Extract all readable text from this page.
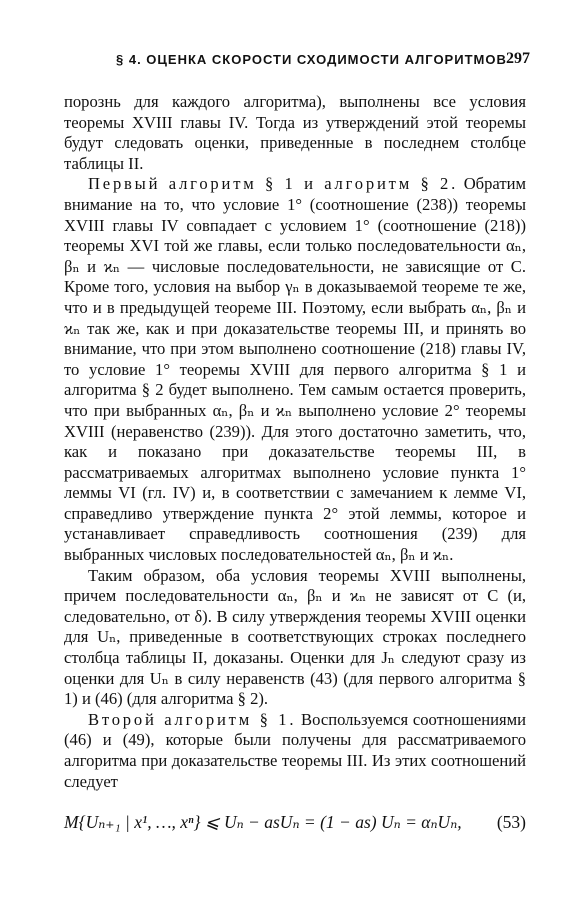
§ 4. ОЦЕНКА СКОРОСТИ СХОДИМОСТИ АЛГОРИТМОВ 297

порознь для каждого алгоритма), выполнены все условия теоремы XVIII главы IV. Тогда из утверждений этой теоремы будут следовать оценки, приведенные в последнем столбце таблицы II.

Первый алгоритм § 1 и алгоритм § 2. Обратим внимание на то, что условие 1° (соотношение (238)) теоремы XVIII главы IV совпадает с условием 1° (соотношение (218)) теоремы XVI той же главы, если только последовательности αₙ, βₙ и ϰₙ — числовые последовательности, не зависящие от C. Кроме того, условия на выбор γₙ в доказываемой теореме те же, что и в предыдущей теореме III. Поэтому, если выбрать αₙ, βₙ и ϰₙ так же, как и при доказательстве теоремы III, и принять во внимание, что при этом выполнено соотношение (218) главы IV, то условие 1° теоремы XVIII для первого алгоритма § 1 и алгоритма § 2 будет выполнено. Тем самым остается проверить, что при выбранных αₙ, βₙ и ϰₙ выполнено условие 2° теоремы XVIII (неравенство (239)). Для этого достаточно заметить, что, как и показано при доказательстве теоремы III, в рассматриваемых алгоритмах выполнено условие пункта 1° леммы VI (гл. IV) и, в соответствии с замечанием к лемме VI, справедливо утверждение пункта 2° этой леммы, которое и устанавливает справедливость соотношения (239) для выбранных числовых последовательностей αₙ, βₙ и ϰₙ.

Таким образом, оба условия теоремы XVIII выполнены, причем последовательности αₙ, βₙ и ϰₙ не зависят от C (и, следовательно, от δ). В силу утверждения теоремы XVIII оценки для Uₙ, приведенные в соответствующих строках последнего столбца таблицы II, доказаны. Оценки для Jₙ следуют сразу из оценки для Uₙ в силу неравенств (43) (для первого алгоритма § 1) и (46) (для алгоритма § 2).

Второй алгоритм § 1. Воспользуемся соотношениями (46) и (49), которые были получены для рассматриваемого алгоритма при доказательстве теоремы III. Из этих соотношений следует

M{Uₙ₊₁ | x¹, …, xⁿ} ⩽ Uₙ − asUₙ = (1 − as) Uₙ = αₙUₙ, (53)
